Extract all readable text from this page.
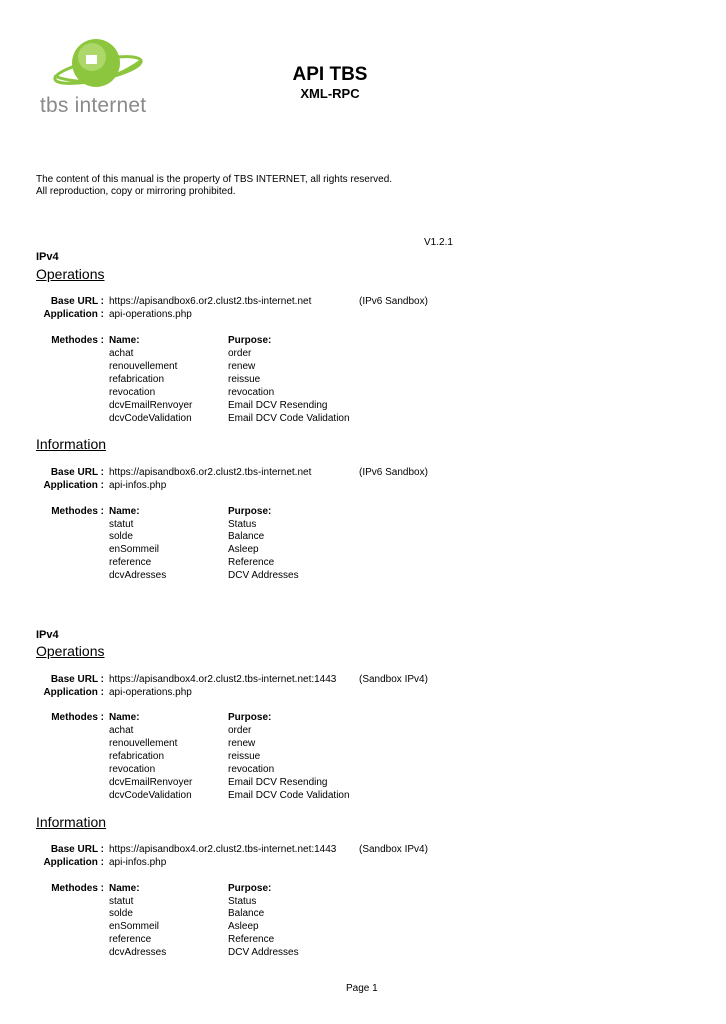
tbs internet
API TBS
XML-RPC
The content of this manual is the property of TBS INTERNET, all rights reserved.
All reproduction, copy or mirroring prohibited.
V1.2.1
IPv4
Operations
Base URL : https://apisandbox6.or2.clust2.tbs-internet.net	(IPv6 Sandbox)
Application : api-operations.php
Methodes : Name:	Purpose:
achat	order
renouvellement	renew
refabrication	reissue
revocation	revocation
dcvEmailRenvoyer	Email DCV Resending
dcvCodeValidation	Email DCV Code Validation
Information
Base URL : https://apisandbox6.or2.clust2.tbs-internet.net	(IPv6 Sandbox)
Application : api-infos.php
Methodes : Name:	Purpose:
statut	Status
solde	Balance
enSommeil	Asleep
reference	Reference
dcvAdresses	DCV Addresses
IPv4
Operations
Base URL : https://apisandbox4.or2.clust2.tbs-internet.net:1443 (Sandbox IPv4)
Application : api-operations.php
Methodes : Name:	Purpose:
achat	order
renouvellement	renew
refabrication	reissue
revocation	revocation
dcvEmailRenvoyer	Email DCV Resending
dcvCodeValidation	Email DCV Code Validation
Information
Base URL : https://apisandbox4.or2.clust2.tbs-internet.net:1443 (Sandbox IPv4)
Application : api-infos.php
Methodes : Name:	Purpose:
statut	Status
solde	Balance
enSommeil	Asleep
reference	Reference
dcvAdresses	DCV Addresses
Page 1
